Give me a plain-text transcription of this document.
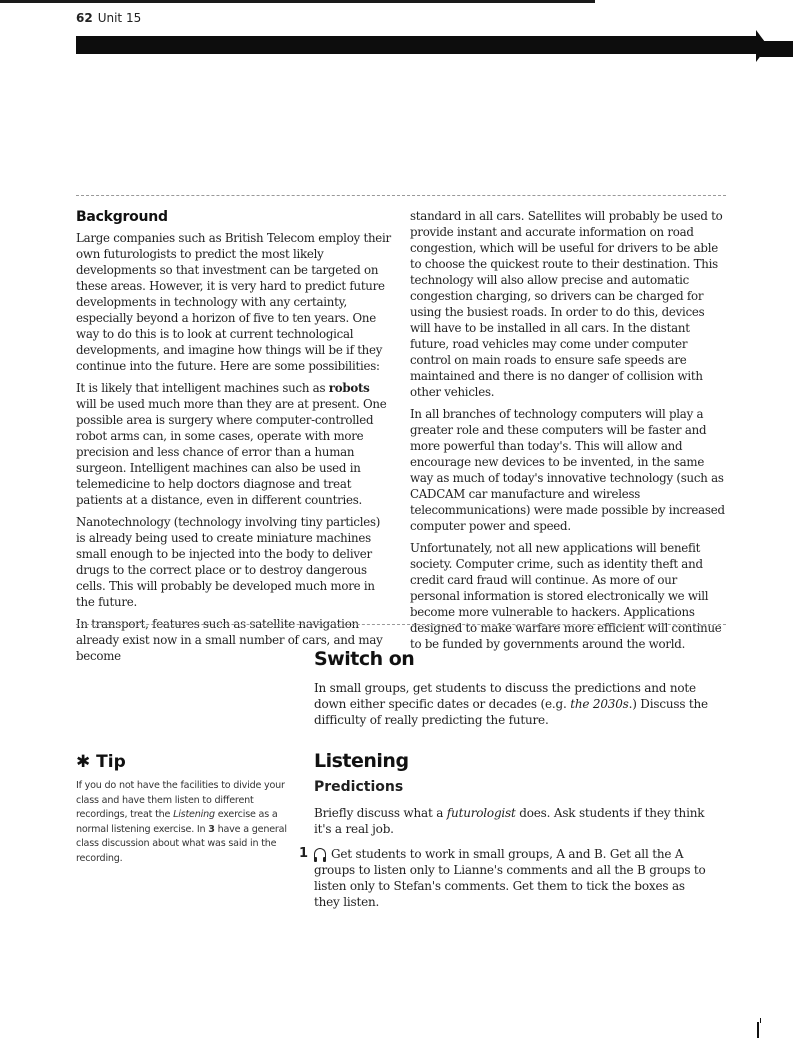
62 Unit 15
Background

Large companies such as British Telecom employ their own futurologists to predict the most likely developments so that investment can be targeted on these areas. However, it is very hard to predict future developments in technology with any certainty, especially beyond a horizon of five to ten years. One way to do this is to look at current technological developments, and imagine how things will be if they continue into the future. Here are some possibilities:

It is likely that intelligent machines such as robots will be used much more than they are at present. One possible area is surgery where computer-controlled robot arms can, in some cases, operate with more precision and less chance of error than a human surgeon. Intelligent machines can also be used in telemedicine to help doctors diagnose and treat patients at a distance, even in different countries.

Nanotechnology (technology involving tiny particles) is already being used to create miniature machines small enough to be injected into the body to deliver drugs to the correct place or to destroy dangerous cells. This will probably be developed much more in the future.

In transport, features such as satellite navigation already exist now in a small number of cars, and may become

standard in all cars. Satellites will probably be used to provide instant and accurate information on road congestion, which will be useful for drivers to be able to choose the quickest route to their destination. This technology will also allow precise and automatic congestion charging, so drivers can be charged for using the busiest roads. In order to do this, devices will have to be installed in all cars. In the distant future, road vehicles may come under computer control on main roads to ensure safe speeds are maintained and there is no danger of collision with other vehicles.

In all branches of technology computers will play a greater role and these computers will be faster and more powerful than today's. This will allow and encourage new devices to be invented, in the same way as much of today's innovative technology (such as CADCAM car manufacture and wireless telecommunications) were made possible by increased computer power and speed.

Unfortunately, not all new applications will benefit society. Computer crime, such as identity theft and credit card fraud will continue. As more of our personal information is stored electronically we will become more vulnerable to hackers. Applications designed to make warfare more efficient will continue to be funded by governments around the world.

Switch on

In small groups, get students to discuss the predictions and note down either specific dates or decades (e.g. the 2030s.) Discuss the difficulty of really predicting the future.

✱ Tip

If you do not have the facilities to divide your class and have them listen to different recordings, treat the Listening exercise as a normal listening exercise. In 3 have a general class discussion about what was said in the recording.

Listening
Predictions

Briefly discuss what a futurologist does. Ask students if they think it's a real job.

1	Get students to work in small groups, A and B. Get all the A groups to listen only to Lianne's comments and all the B groups to listen only to Stefan's comments. Get them to tick the boxes as they listen.
